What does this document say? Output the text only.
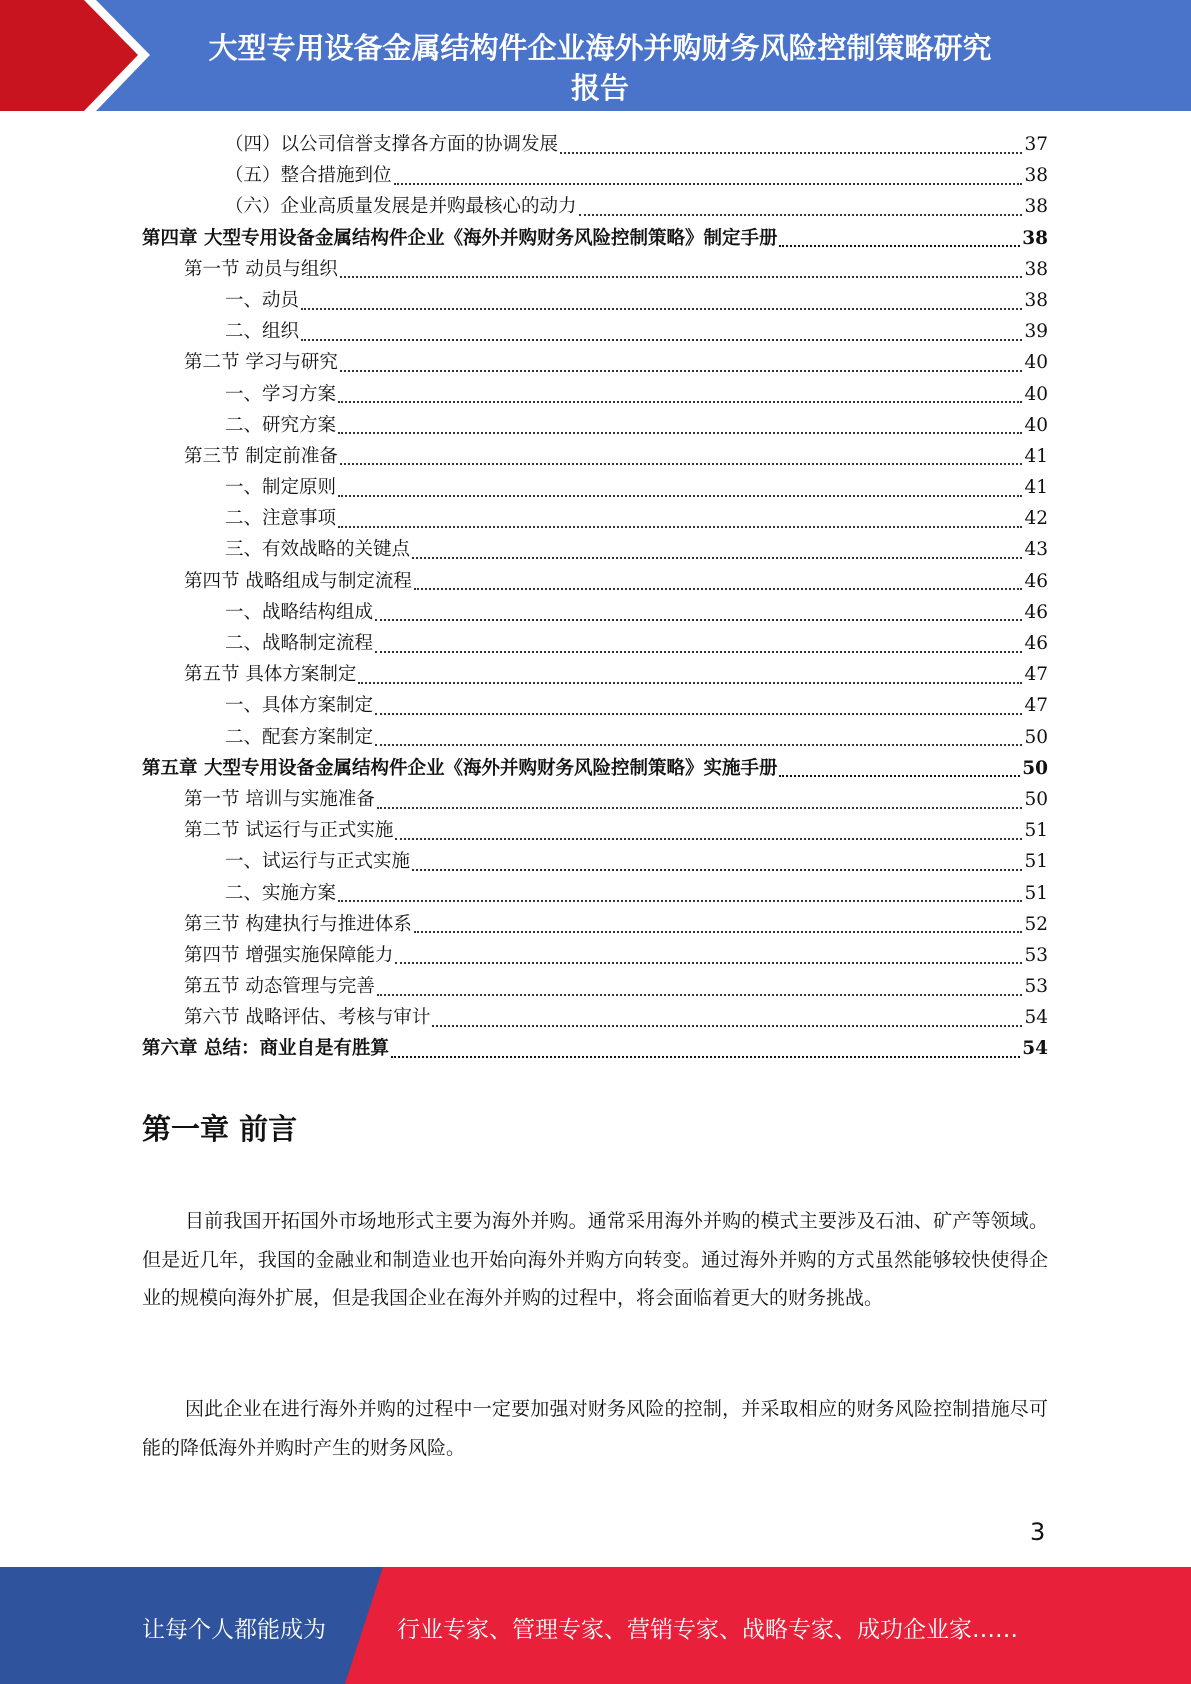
大型专用设备金属结构件企业海外并购财务风险控制策略研究
报告
（四）以公司信誉支撑各方面的协调发展	37
（五）整合措施到位	38
（六）企业高质量发展是并购最核心的动力	38
第四章 大型专用设备金属结构件企业《海外并购财务风险控制策略》制定手册	38
第一节 动员与组织	38
一、动员	38
二、组织	39
第二节 学习与研究	40
一、学习方案	40
二、研究方案	40
第三节 制定前准备	41
一、制定原则	41
二、注意事项	42
三、有效战略的关键点	43
第四节 战略组成与制定流程	46
一、战略结构组成	46
二、战略制定流程	46
第五节 具体方案制定	47
一、具体方案制定	47
二、配套方案制定	50
第五章 大型专用设备金属结构件企业《海外并购财务风险控制策略》实施手册	50
第一节 培训与实施准备	50
第二节 试运行与正式实施	51
一、试运行与正式实施	51
二、实施方案	51
第三节 构建执行与推进体系	52
第四节 增强实施保障能力	53
第五节 动态管理与完善	53
第六节 战略评估、考核与审计	54
第六章 总结：商业自是有胜算	54
第一章 前言

目前我国开拓国外市场地形式主要为海外并购。通常采用海外并购的模式主要涉及石油、矿产等领域。但是近几年，我国的金融业和制造业也开始向海外并购方向转变。通过海外并购的方式虽然能够较快使得企业的规模向海外扩展，但是我国企业在海外并购的过程中，将会面临着更大的财务挑战。

因此企业在进行海外并购的过程中一定要加强对财务风险的控制，并采取相应的财务风险控制措施尽可能的降低海外并购时产生的财务风险。

3
让每个人都能成为	行业专家、管理专家、营销专家、战略专家、成功企业家……
